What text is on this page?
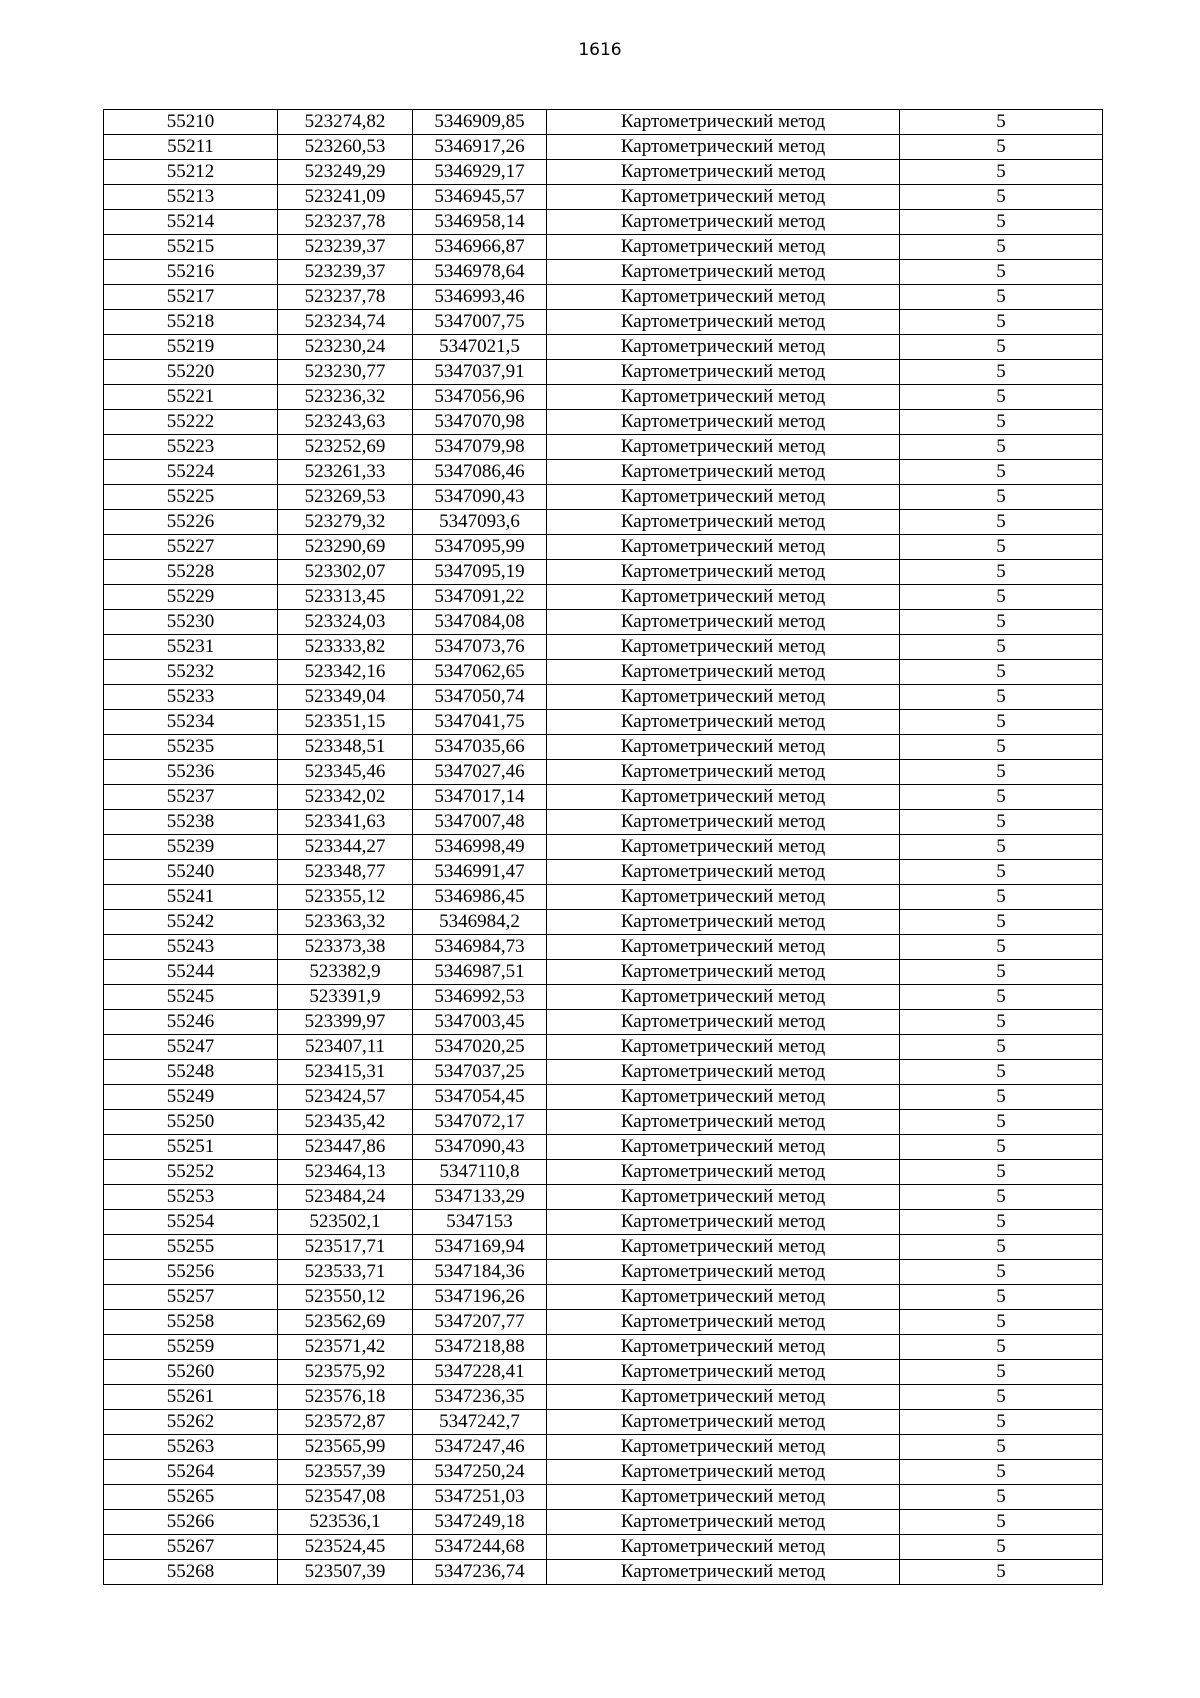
1616
55210	523274,82	5346909,85	Картометрический метод	5
55211	523260,53	5346917,26	Картометрический метод	5
55212	523249,29	5346929,17	Картометрический метод	5
55213	523241,09	5346945,57	Картометрический метод	5
55214	523237,78	5346958,14	Картометрический метод	5
55215	523239,37	5346966,87	Картометрический метод	5
55216	523239,37	5346978,64	Картометрический метод	5
55217	523237,78	5346993,46	Картометрический метод	5
55218	523234,74	5347007,75	Картометрический метод	5
55219	523230,24	5347021,5	Картометрический метод	5
55220	523230,77	5347037,91	Картометрический метод	5
55221	523236,32	5347056,96	Картометрический метод	5
55222	523243,63	5347070,98	Картометрический метод	5
55223	523252,69	5347079,98	Картометрический метод	5
55224	523261,33	5347086,46	Картометрический метод	5
55225	523269,53	5347090,43	Картометрический метод	5
55226	523279,32	5347093,6	Картометрический метод	5
55227	523290,69	5347095,99	Картометрический метод	5
55228	523302,07	5347095,19	Картометрический метод	5
55229	523313,45	5347091,22	Картометрический метод	5
55230	523324,03	5347084,08	Картометрический метод	5
55231	523333,82	5347073,76	Картометрический метод	5
55232	523342,16	5347062,65	Картометрический метод	5
55233	523349,04	5347050,74	Картометрический метод	5
55234	523351,15	5347041,75	Картометрический метод	5
55235	523348,51	5347035,66	Картометрический метод	5
55236	523345,46	5347027,46	Картометрический метод	5
55237	523342,02	5347017,14	Картометрический метод	5
55238	523341,63	5347007,48	Картометрический метод	5
55239	523344,27	5346998,49	Картометрический метод	5
55240	523348,77	5346991,47	Картометрический метод	5
55241	523355,12	5346986,45	Картометрический метод	5
55242	523363,32	5346984,2	Картометрический метод	5
55243	523373,38	5346984,73	Картометрический метод	5
55244	523382,9	5346987,51	Картометрический метод	5
55245	523391,9	5346992,53	Картометрический метод	5
55246	523399,97	5347003,45	Картометрический метод	5
55247	523407,11	5347020,25	Картометрический метод	5
55248	523415,31	5347037,25	Картометрический метод	5
55249	523424,57	5347054,45	Картометрический метод	5
55250	523435,42	5347072,17	Картометрический метод	5
55251	523447,86	5347090,43	Картометрический метод	5
55252	523464,13	5347110,8	Картометрический метод	5
55253	523484,24	5347133,29	Картометрический метод	5
55254	523502,1	5347153	Картометрический метод	5
55255	523517,71	5347169,94	Картометрический метод	5
55256	523533,71	5347184,36	Картометрический метод	5
55257	523550,12	5347196,26	Картометрический метод	5
55258	523562,69	5347207,77	Картометрический метод	5
55259	523571,42	5347218,88	Картометрический метод	5
55260	523575,92	5347228,41	Картометрический метод	5
55261	523576,18	5347236,35	Картометрический метод	5
55262	523572,87	5347242,7	Картометрический метод	5
55263	523565,99	5347247,46	Картометрический метод	5
55264	523557,39	5347250,24	Картометрический метод	5
55265	523547,08	5347251,03	Картометрический метод	5
55266	523536,1	5347249,18	Картометрический метод	5
55267	523524,45	5347244,68	Картометрический метод	5
55268	523507,39	5347236,74	Картометрический метод	5
